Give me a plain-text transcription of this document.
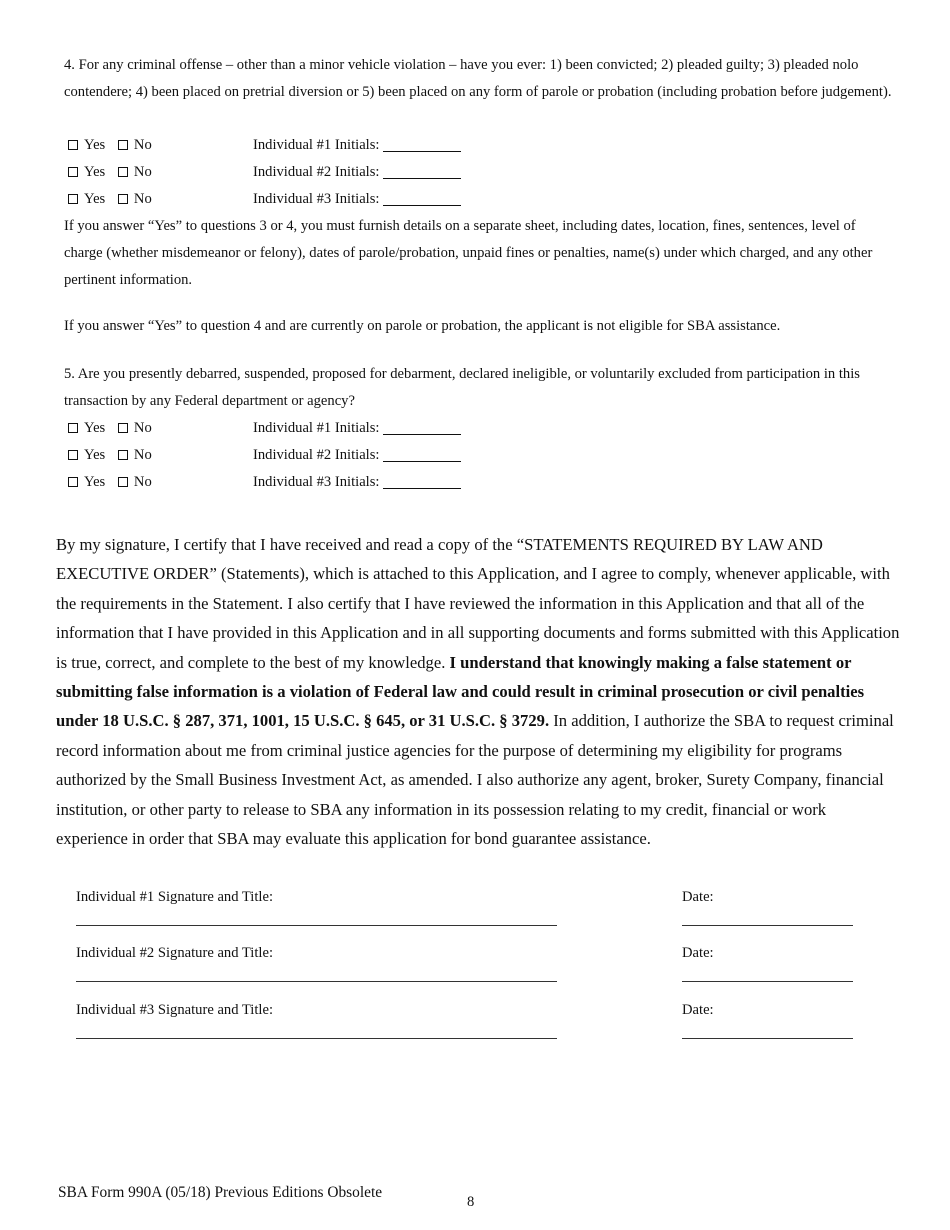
4. For any criminal offense – other than a minor vehicle violation – have you ever: 1) been convicted; 2) pleaded guilty; 3) pleaded nolo contendere; 4) been placed on pretrial diversion or 5) been placed on any form of parole or probation (including probation before judgement).
Yes No	Individual #1 Initials:
Yes No	Individual #2 Initials:
Yes No	Individual #3 Initials:
If you answer “Yes” to questions 3 or 4, you must furnish details on a separate sheet, including dates, location, fines, sentences, level of charge (whether misdemeanor or felony), dates of parole/probation, unpaid fines or penalties, name(s) under which charged, and any other pertinent information.
If you answer “Yes” to question 4 and are currently on parole or probation, the applicant is not eligible for SBA assistance.
5. Are you presently debarred, suspended, proposed for debarment, declared ineligible, or voluntarily excluded from participation in this transaction by any Federal department or agency?
Yes No	Individual #1 Initials:
Yes No	Individual #2 Initials:
Yes No	Individual #3 Initials:
By my signature, I certify that I have received and read a copy of the “STATEMENTS REQUIRED BY LAW AND EXECUTIVE ORDER” (Statements), which is attached to this Application, and I agree to comply, whenever applicable, with the requirements in the Statement. I also certify that I have reviewed the information in this Application and that all of the information that I have provided in this Application and in all supporting documents and forms submitted with this Application is true, correct, and complete to the best of my knowledge. I understand that knowingly making a false statement or submitting false information is a violation of Federal law and could result in criminal prosecution or civil penalties under 18 U.S.C. § 287, 371, 1001, 15 U.S.C. § 645, or 31 U.S.C. § 3729. In addition, I authorize the SBA to request criminal record information about me from criminal justice agencies for the purpose of determining my eligibility for programs authorized by the Small Business Investment Act, as amended. I also authorize any agent, broker, Surety Company, financial institution, or other party to release to SBA any information in its possession relating to my credit, financial or work experience in order that SBA may evaluate this application for bond guarantee assistance.
Individual #1 Signature and Title:	Date:
Individual #2 Signature and Title:	Date:
Individual #3 Signature and Title:	Date:
SBA Form 990A (05/18) Previous Editions Obsolete
8
